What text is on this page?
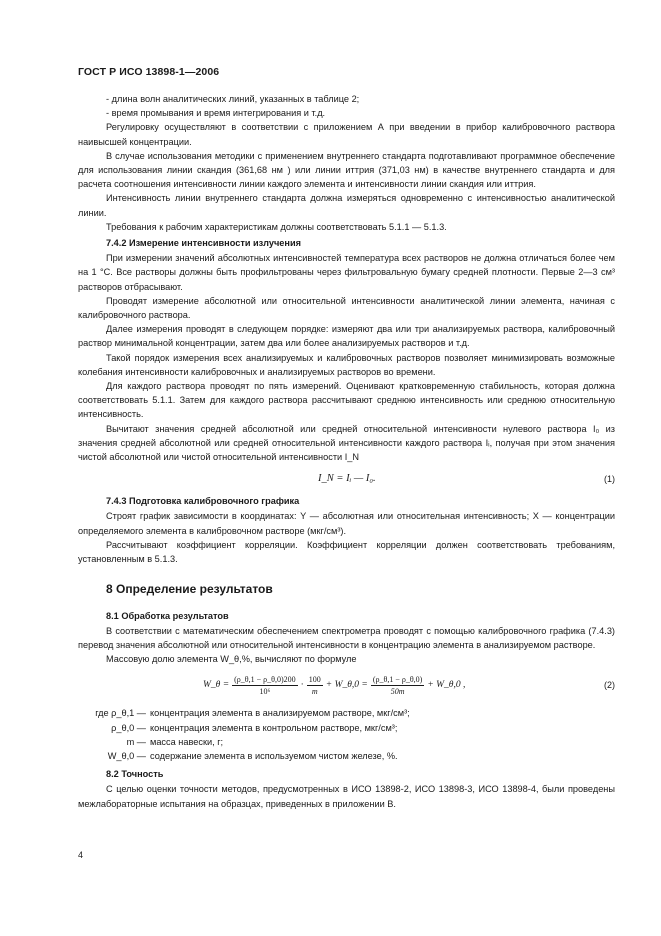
ГОСТ Р ИСО 13898-1—2006

- длина волн аналитических линий, указанных в таблице 2;

- время промывания и время интегрирования и т.д.

Регулировку осуществляют в соответствии с приложением А при введении в прибор калибровочного раствора наивысшей концентрации.

В случае использования методики с применением внутреннего стандарта подготавливают программное обеспечение для использования линии скандия (361,68 нм ) или линии иттрия (371,03 нм) в качестве внутреннего стандарта и для расчета соотношения интенсивности линии каждого элемента и интенсивности линии скандия или иттрия.

Интенсивность линии внутреннего стандарта должна измеряться одновременно с интенсивностью аналитической линии.

Требования к рабочим характеристикам должны соответствовать 5.1.1 — 5.1.3.

7.4.2 Измерение интенсивности излучения

При измерении значений абсолютных интенсивностей температура всех растворов не должна отличаться более чем на 1 °С. Все растворы должны быть профильтрованы через фильтровальную бумагу средней плотности. Первые 2—3 см³ растворов отбрасывают.

Проводят измерение абсолютной или относительной интенсивности аналитической линии элемента, начиная с калибровочного раствора.

Далее измерения проводят в следующем порядке: измеряют два или три анализируемых раствора, калибровочный раствор минимальной концентрации, затем два или более анализируемых растворов и т.д.

Такой порядок измерения всех анализируемых и калибровочных растворов позволяет минимизировать возможные колебания интенсивности калибровочных и анализируемых растворов во времени.

Для каждого раствора проводят по пять измерений. Оценивают кратковременную стабильность, которая должна соответствовать 5.1.1. Затем для каждого раствора рассчитывают среднюю интенсивность или среднюю относительную интенсивность.

Вычитают значения средней абсолютной или средней относительной интенсивности нулевого раствора I₀ из значения средней абсолютной или средней относительной интенсивности каждого раствора Iᵢ, получая при этом значения чистой абсолютной или чистой относительной интенсивности I_N

I_N = Iᵢ — I₀.	(1)

7.4.3 Подготовка калибровочного графика

Строят график зависимости в координатах: Y — абсолютная или относительная интенсивность; X — концентрации определяемого элемента в калибровочном растворе (мкг/см³).

Рассчитывают коэффициент корреляции. Коэффициент корреляции должен соответствовать требованиям, установленным в 5.1.3.

8 Определение результатов

8.1 Обработка результатов

В соответствии с математическим обеспечением спектрометра проводят с помощью калибровочного графика (7.4.3) перевод значения абсолютной или относительной интенсивности в концентрацию элемента в анализируемом растворе.

Массовую долю элемента W_θ,%, вычисляют по формуле

W_θ = $\frac{(\rho\_\theta,1 - \rho\_\theta,0)200}{\text{10⁶}} \cdot \frac{100}{m}$ + W_θ,0 = $\frac{(\rho\_\theta,1 - \rho\_\theta,0)}{50m}$ + W_θ,0 ,	(2)
где ρ_θ,1 — концентрация элемента в анализируемом растворе, мкг/см³;
ρ_θ,0 — концентрация элемента в контрольном растворе, мкг/см³;
m — масса навески, г;
W_θ,0 — содержание элемента в используемом чистом железе, %.

8.2 Точность

С целью оценки точности методов, предусмотренных в ИСО 13898-2, ИСО 13898-3, ИСО 13898-4, были проведены межлабораторные испытания на образцах, приведенных в приложении В.

4
